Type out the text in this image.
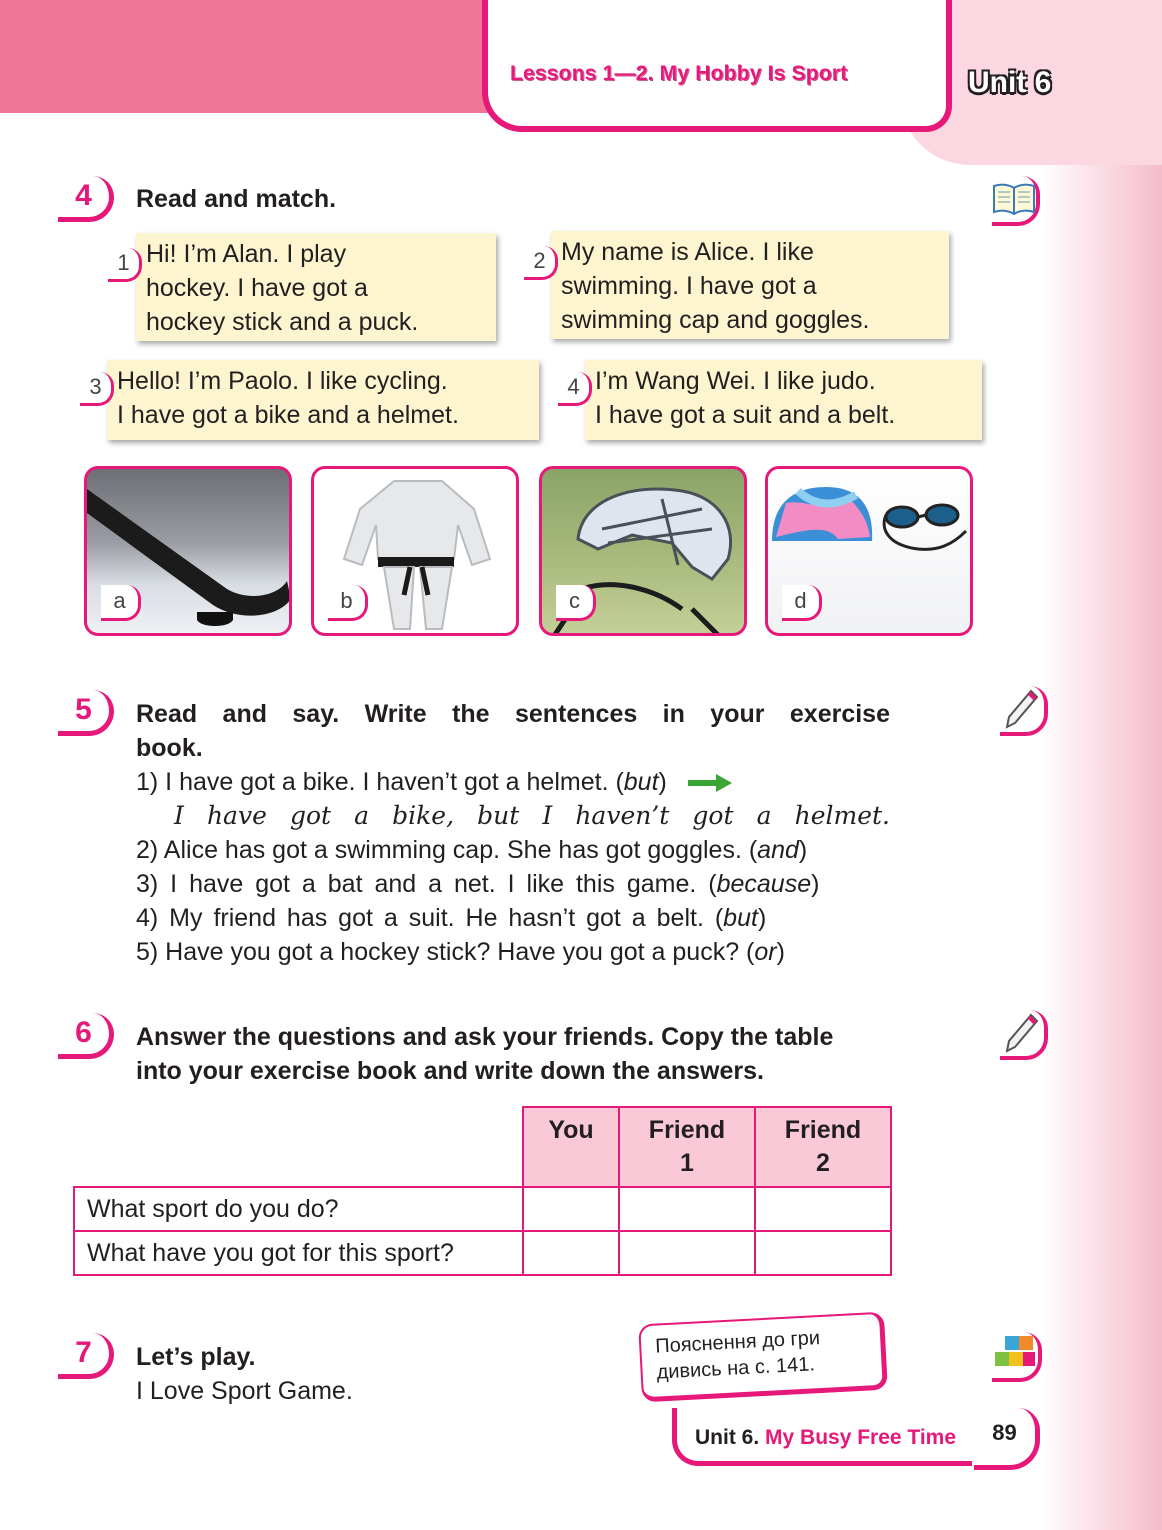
Lessons 1—2. My Hobby Is Sport	Unit 6
4	Read and match.
Hi! I’m Alan. I play
hockey. I have got a
hockey stick and a puck.
1	My name is Alice. I like
swimming. I have got a
swimming cap and goggles.
2
Hello! I’m Paolo. I like cycling.
I have got a bike and a helmet.
3	I’m Wang Wei. I like judo.
I have got a suit and a belt.
4
a	b	c	d
5	Read and say. Write the sentences in your exercise
book.
1) I have got a bike. I haven’t got a helmet. (but)
I have got a bike, but I haven’t got a helmet.
2) Alice has got a swimming cap. She has got goggles. (and)
3) I have got a bat and a net. I like this game. (because)
4) My friend has got a suit. He hasn’t got a belt. (but)
5) Have you got a hockey stick? Have you got a puck? (or)
6	Answer the questions and ask your friends. Copy the table
into your exercise book and write down the answers.
	You	Friend 1	Friend 2

What sport do you do?			
What have you got for this sport?			
7	Let’s play.
I Love Sport Game.
Пояснення до гри
дивись на с. 141.
Unit 6. My Busy Free Time	89
